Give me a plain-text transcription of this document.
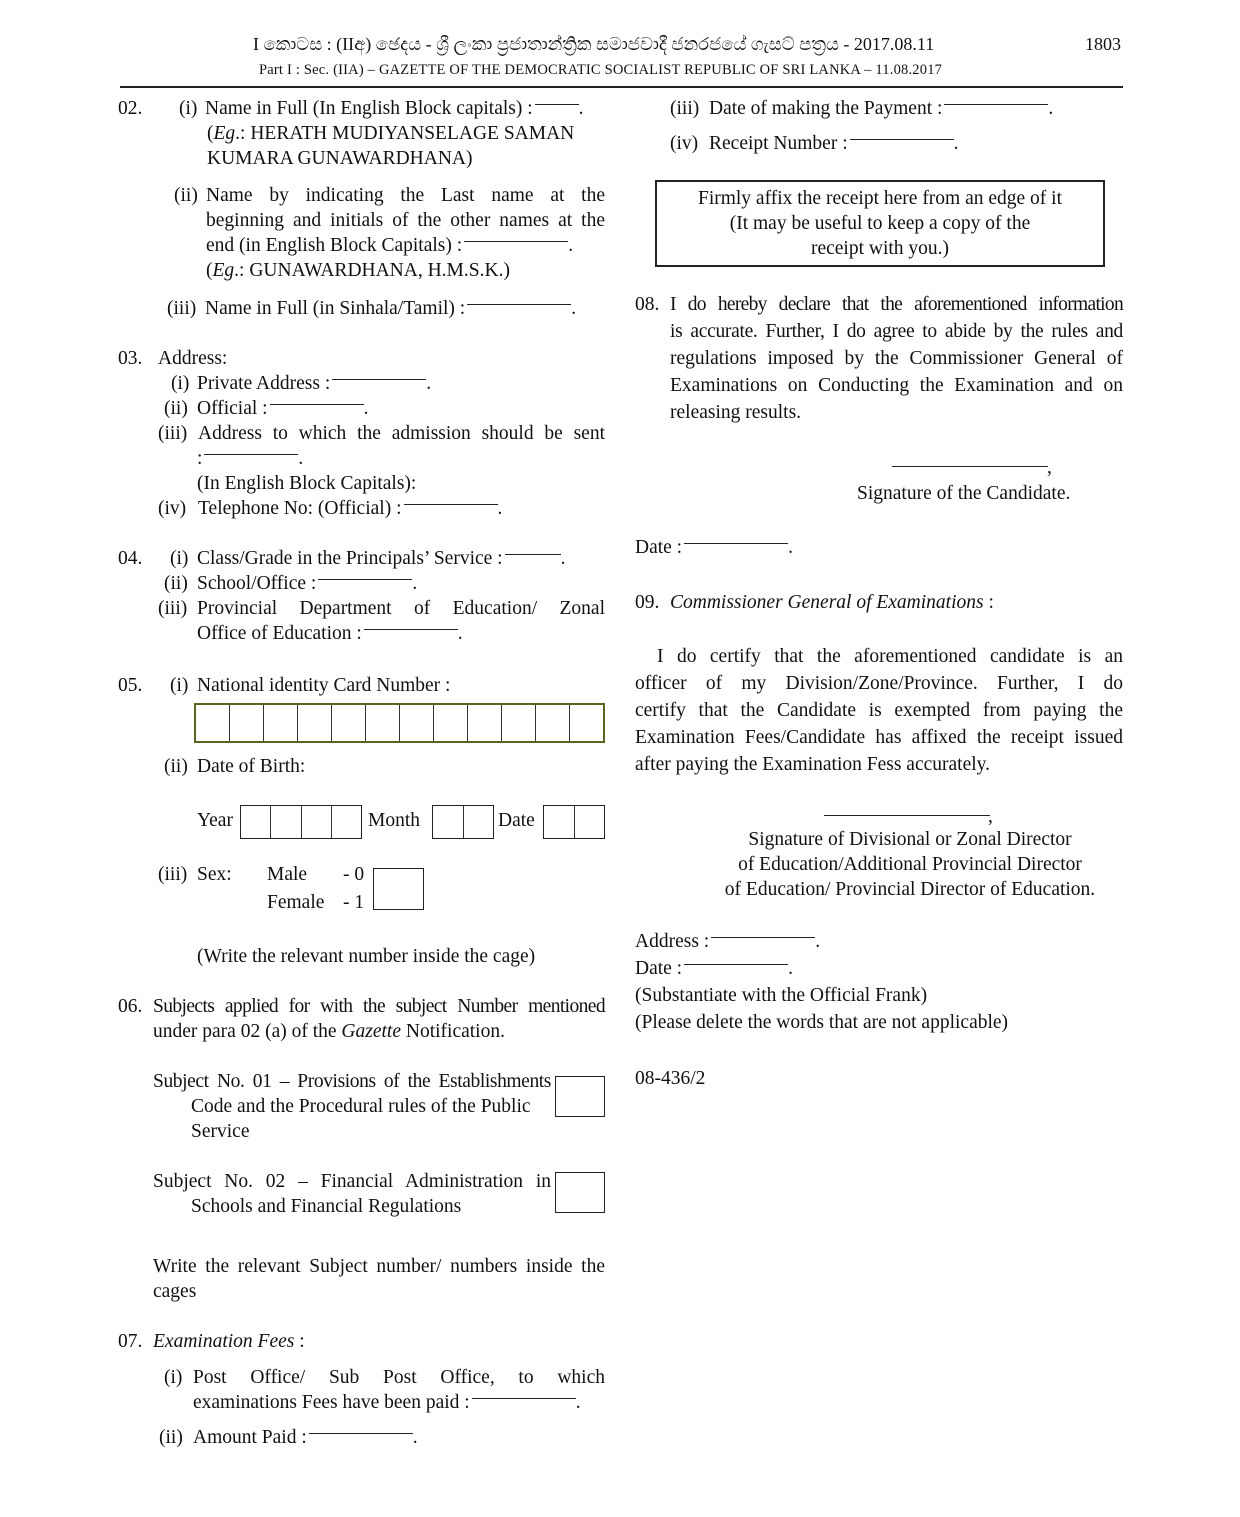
I කොටස : (IIඅ) ඡෙදය - ශ්‍රී ලංකා ප්‍රජාතාන්ත්‍රික සමාජවාදී ජනරජයේ ගැසට් පත්‍රය - 2017.08.11	1803
Part I : Sec. (IIA) – GAZETTE OF THE DEMOCRATIC SOCIALIST REPUBLIC OF SRI LANKA – 11.08.2017
02. (i) Name in Full (In English Block capitals) : .
(Eg.: HERATH MUDIYANSELAGE SAMAN
KUMARA GUNAWARDHANA)
(ii) Name by indicating the Last name at the
beginning and initials of the other names at the
end (in English Block Capitals) :	.
(Eg.: GUNAWARDHANA, H.M.S.K.)
(iii) Name in Full (in Sinhala/Tamil) :	.
03. Address:
(i) Private Address :	.
(ii) Official :	.
(iii) Address to which the admission should be sent
:	.
(In English Block Capitals):
(iv) Telephone No: (Official) :	.
04. (i) Class/Grade in the Principals’ Service :	.
(ii) School/Office :	.
(iii) Provincial Department of Education/ Zonal
Office of Education :	.
05. (i) National identity Card Number :
(ii) Date of Birth:
Year	Month	Date
(iii) Sex: Male - 0
Female - 1
(Write the relevant number inside the cage)
06. Subjects applied for with the subject Number mentioned
under para 02 (a) of the Gazette Notification.
Subject No. 01 – Provisions of the Establishments
Code and the Procedural rules of the Public
Service
Subject No. 02 – Financial Administration in
Schools and Financial Regulations
Write the relevant Subject number/ numbers inside the
cages
07. Examination Fees :
(i) Post Office/ Sub Post Office, to which
examinations Fees have been paid :	.
(ii) Amount Paid :	.
(iii) Date of making the Payment :	.
(iv) Receipt Number :	.
Firmly affix the receipt here from an edge of it
(It may be useful to keep a copy of the
receipt with you.)
08. I do hereby declare that the aforementioned information
is accurate. Further, I do agree to abide by the rules and
regulations imposed by the Commissioner General of
Examinations on Conducting the Examination and on
releasing results.
,
Signature of the Candidate.
Date :	.
09. Commissioner General of Examinations :
I do certify that the aforementioned candidate is an
officer of my Division/Zone/Province. Further, I do
certify that the Candidate is exempted from paying the
Examination Fees/Candidate has affixed the receipt issued
after paying the Examination Fess accurately.
,
Signature of Divisional or Zonal Director
of Education/Additional Provincial Director
of Education/ Provincial Director of Education.
Address :	.
Date :	.
(Substantiate with the Official Frank)
(Please delete the words that are not applicable)
08-436/2
